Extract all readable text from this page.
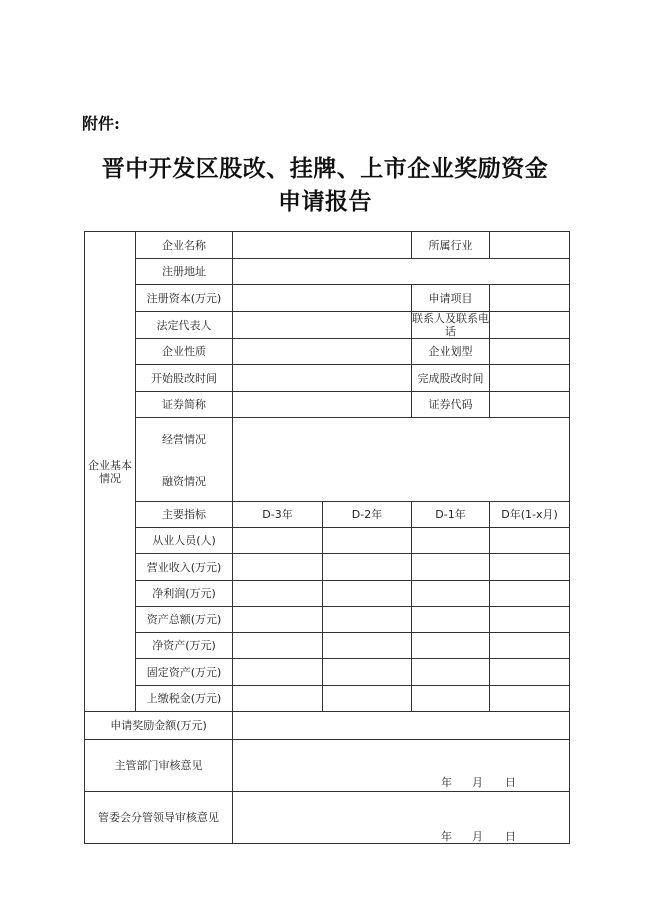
附件:
晋中开发区股改、挂牌、上市企业奖励资金
申请报告
企业基本
情况
企业名称	所属行业
注册地址
注册资本(万元)	申请项目
法定代表人	联系人及联系电
话
企业性质	企业划型
开始股改时间	完成股改时间
证券简称	证券代码
经营情况
融资情况
主要指标	D-3年	D-2年	D-1年	D年(1-x月)
从业人员(人)
营业收入(万元)
净利润(万元)
资产总额(万元)
净资产(万元)
固定资产(万元)
上缴税金(万元)
申请奖励金额(万元)
主管部门审核意见
年 月 日
管委会分管领导审核意见
年 月 日
